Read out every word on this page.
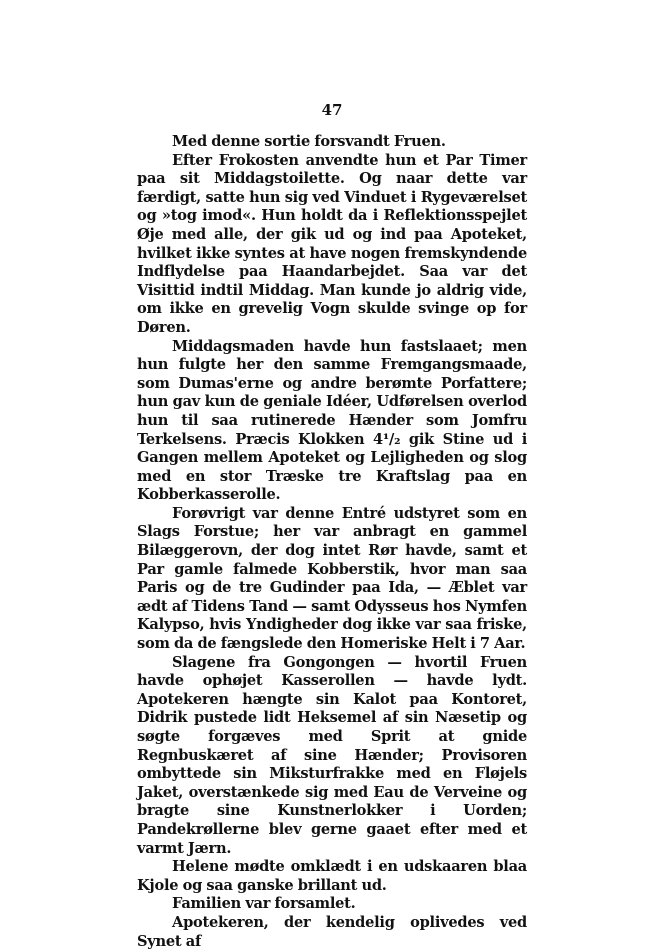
47

Med denne sortie forsvandt Fruen.

Efter Frokosten anvendte hun et Par Timer paa sit Middagstoilette. Og naar dette var færdigt, satte hun sig ved Vinduet i Rygeværelset og »tog imod«. Hun holdt da i Reflektionsspejlet Øje med alle, der gik ud og ind paa Apoteket, hvilket ikke syntes at have nogen fremskyndende Indflydelse paa Haandarbejdet. Saa var det Visittid indtil Middag. Man kunde jo aldrig vide, om ikke en grevelig Vogn skulde svinge op for Døren.

Middagsmaden havde hun fastslaaet; men hun fulgte her den samme Fremgangsmaade, som Dumas'erne og andre berømte Porfattere; hun gav kun de geniale Idéer, Udførelsen overlod hun til saa rutinerede Hænder som Jomfru Terkelsens. Præcis Klokken 4¹/₂ gik Stine ud i Gangen mellem Apoteket og Lejligheden og slog med en stor Træske tre Kraftslag paa en Kobberkasserolle.

Forøvrigt var denne Entré udstyret som en Slags Forstue; her var anbragt en gammel Bilæggerovn, der dog intet Rør havde, samt et Par gamle falmede Kobberstik, hvor man saa Paris og de tre Gudinder paa Ida, — Æblet var ædt af Tidens Tand — samt Odysseus hos Nymfen Kalypso, hvis Yndigheder dog ikke var saa friske, som da de fængslede den Homeriske Helt i 7 Aar.

Slagene fra Gongongen — hvortil Fruen havde ophøjet Kasserollen — havde lydt. Apotekeren hængte sin Kalot paa Kontoret, Didrik pustede lidt Heksemel af sin Næsetip og søgte forgæves med Sprit at gnide Regnbuskæret af sine Hænder; Provisoren ombyttede sin Miksturfrakke med en Fløjels Jaket, overstænkede sig med Eau de Verveine og bragte sine Kunstnerlokker i Uorden; Pandekrøllerne blev gerne gaaet efter med et varmt Jærn.

Helene mødte omklædt i en udskaaren blaa Kjole og saa ganske brillant ud.

Familien var forsamlet.

Apotekeren, der kendelig oplivedes ved Synet af
